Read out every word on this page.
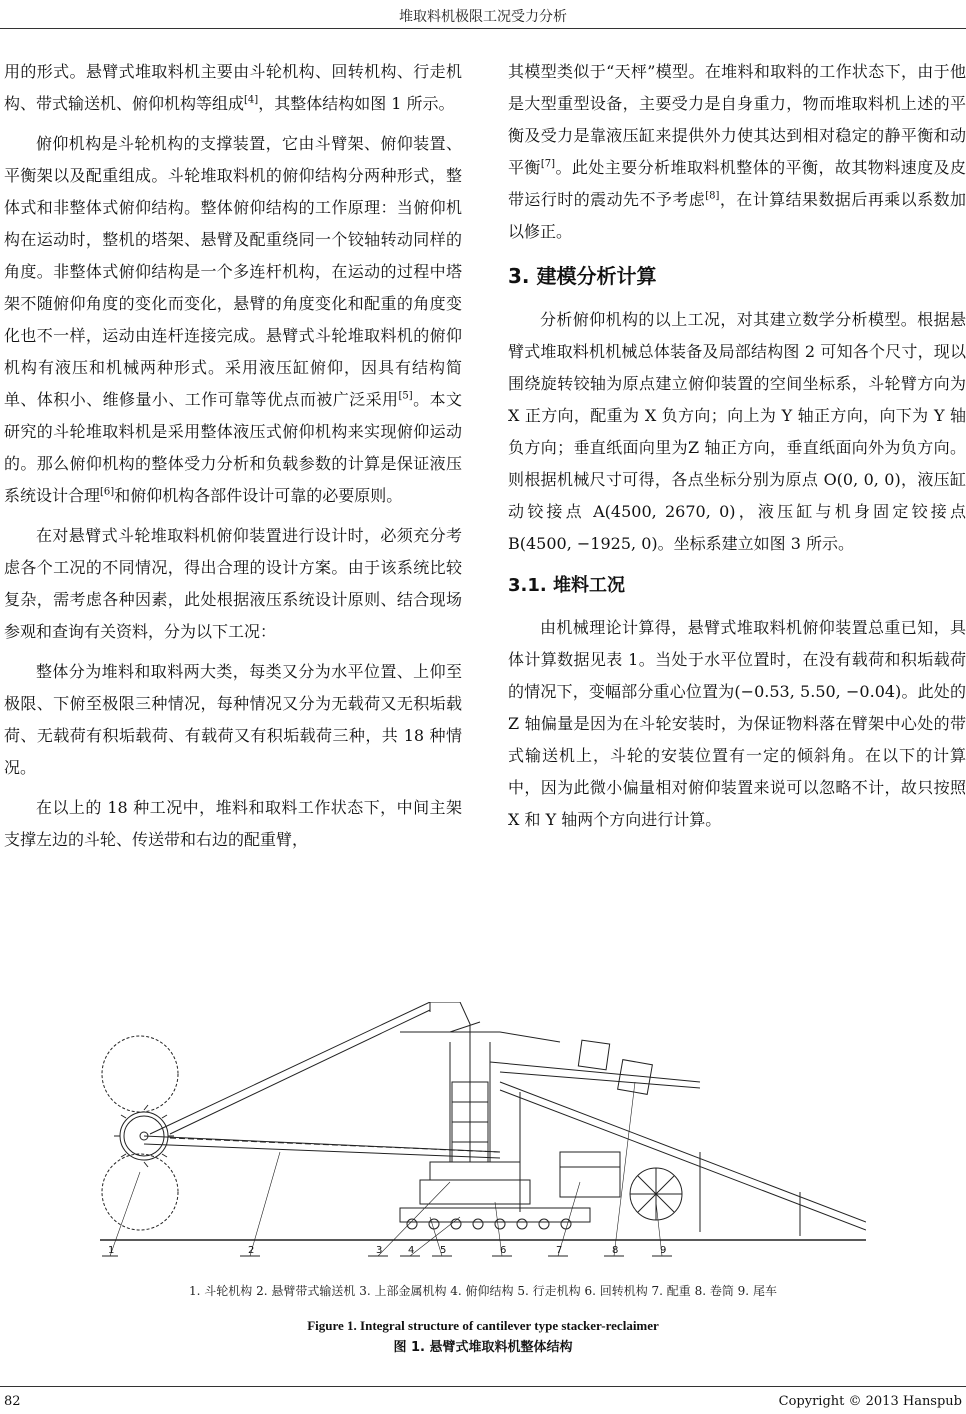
堆取料机极限工况受力分析

用的形式。悬臂式堆取料机主要由斗轮机构、回转机构、行走机构、带式输送机、俯仰机构等组成[4]，其整体结构如图 1 所示。

俯仰机构是斗轮机构的支撑装置，它由斗臂架、俯仰装置、平衡架以及配重组成。斗轮堆取料机的俯仰结构分两种形式，整体式和非整体式俯仰结构。整体俯仰结构的工作原理：当俯仰机构在运动时，整机的塔架、悬臂及配重绕同一个铰轴转动同样的角度。非整体式俯仰结构是一个多连杆机构，在运动的过程中塔架不随俯仰角度的变化而变化，悬臂的角度变化和配重的角度变化也不一样，运动由连杆连接完成。悬臂式斗轮堆取料机的俯仰机构有液压和机械两种形式。采用液压缸俯仰，因具有结构简单、体积小、维修量小、工作可靠等优点而被广泛采用[5]。本文研究的斗轮堆取料机是采用整体液压式俯仰机构来实现俯仰运动的。那么俯仰机构的整体受力分析和负载参数的计算是保证液压系统设计合理[6]和俯仰机构各部件设计可靠的必要原则。

在对悬臂式斗轮堆取料机俯仰装置进行设计时，必须充分考虑各个工况的不同情况，得出合理的设计方案。由于该系统比较复杂，需考虑各种因素，此处根据液压系统设计原则、结合现场参观和查询有关资料，分为以下工况：

整体分为堆料和取料两大类，每类又分为水平位置、上仰至极限、下俯至极限三种情况，每种情况又分为无载荷又无积垢载荷、无载荷有积垢载荷、有载荷又有积垢载荷三种，共 18 种情况。

在以上的 18 种工况中，堆料和取料工作状态下，中间主架支撑左边的斗轮、传送带和右边的配重臂，

其模型类似于“天枰”模型。在堆料和取料的工作状态下，由于他是大型重型设备，主要受力是自身重力，物而堆取料机上述的平衡及受力是靠液压缸来提供外力使其达到相对稳定的静平衡和动平衡[7]。此处主要分析堆取料机整体的平衡，故其物料速度及皮带运行时的震动先不予考虑[8]，在计算结果数据后再乘以系数加以修正。

3. 建模分析计算

分析俯仰机构的以上工况，对其建立数学分析模型。根据悬臂式堆取料机机械总体装备及局部结构图 2 可知各个尺寸，现以围绕旋转铰轴为原点建立俯仰装置的空间坐标系，斗轮臂方向为 X 正方向，配重为 X 负方向；向上为 Y 轴正方向，向下为 Y 轴负方向；垂直纸面向里为Z 轴正方向，垂直纸面向外为负方向。则根据机械尺寸可得，各点坐标分别为原点 O(0, 0, 0)，液压缸动铰接点 A(4500, 2670, 0)，液压缸与机身固定铰接点 B(4500, −1925, 0)。坐标系建立如图 3 所示。

3.1. 堆料工况

由机械理论计算得，悬臂式堆取料机俯仰装置总重已知，具体计算数据见表 1。当处于水平位置时，在没有载荷和积垢载荷的情况下，变幅部分重心位置为(−0.53, 5.50, −0.04)。此处的 Z 轴偏量是因为在斗轮安装时，为保证物料落在臂架中心处的带式输送机上，斗轮的安装位置有一定的倾斜角。在以下的计算中，因为此微小偏量相对俯仰装置来说可以忽略不计，故只按照 X 和 Y 轴两个方向进行计算。

1	2	3	4	5	6	7	8	9
1. 斗轮机构 2. 悬臂带式输送机 3. 上部金属机构 4. 俯仰结构 5. 行走机构 6. 回转机构 7. 配重 8. 卷筒 9. 尾车
Figure 1. Integral structure of cantilever type stacker-reclaimer
图 1. 悬臂式堆取料机整体结构
82	Copyright © 2013 Hanspub
